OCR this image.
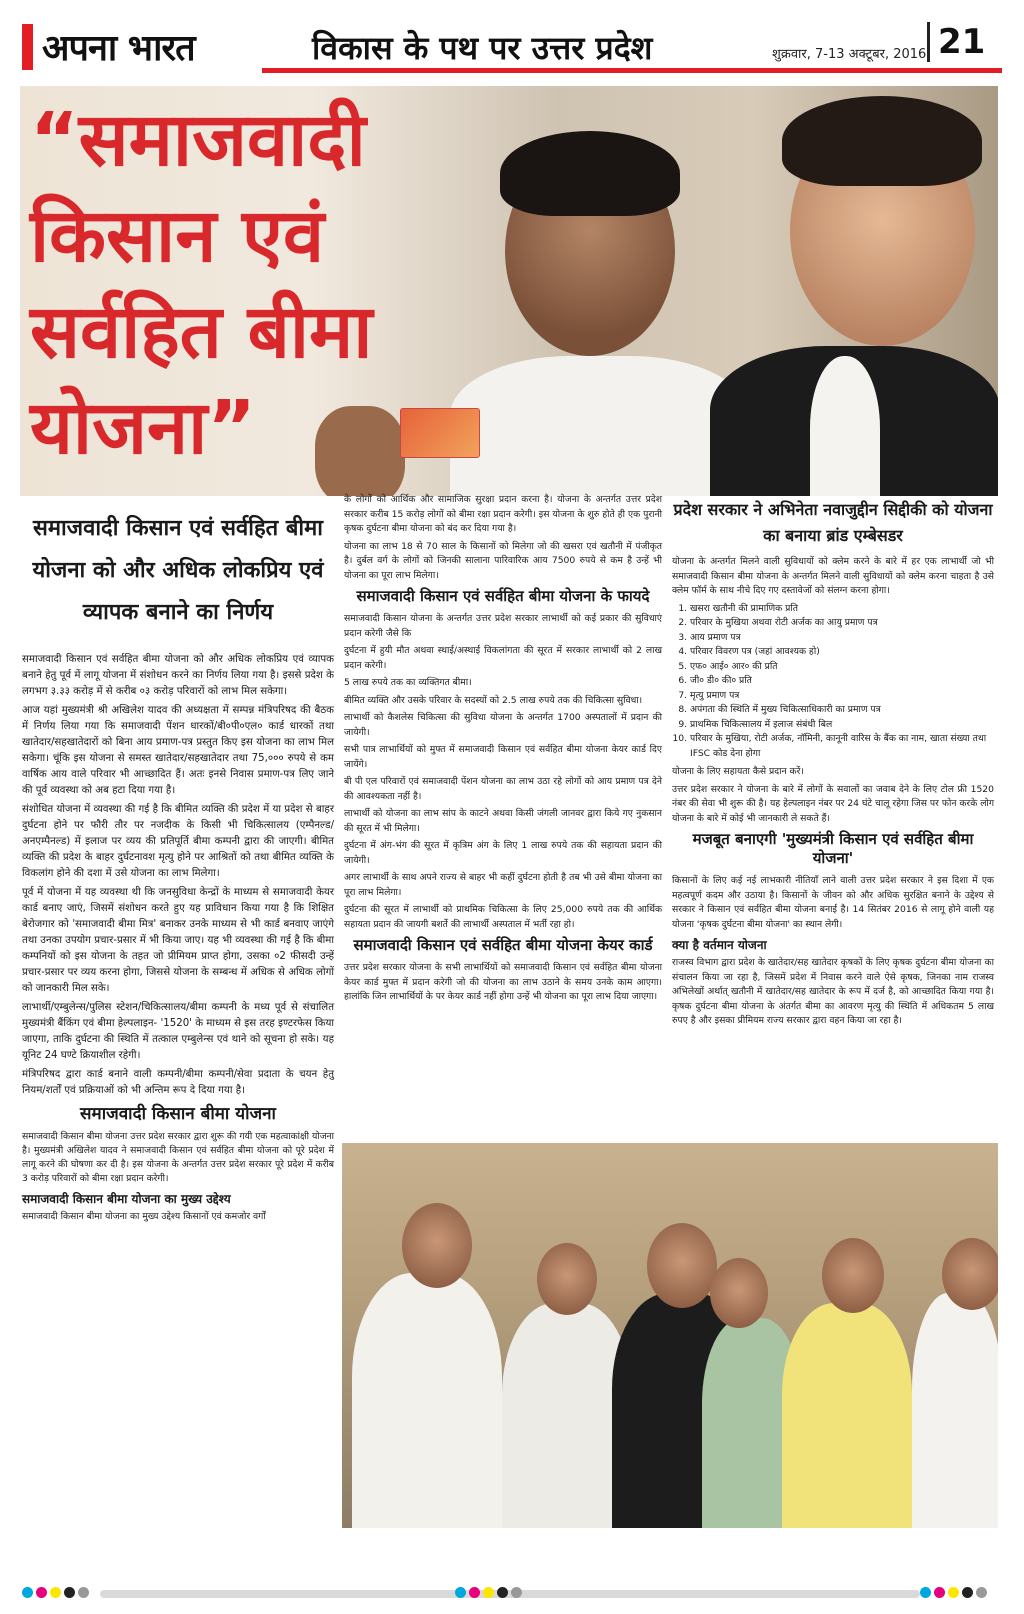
अपना भारत	विकास के पथ पर उत्तर प्रदेश	शुक्रवार, 7-13 अक्टूबर, 2016 21
“समाजवादी किसान एवं सर्वहित बीमा योजना”
समाजवादी किसान एवं सर्वहित बीमा योजना को और अधिक लोकप्रिय एवं व्यापक बनाने का निर्णय

समाजवादी किसान एवं सर्वहित बीमा योजना को और अधिक लोकप्रिय एवं व्यापक बनाने हेतु पूर्व में लागू योजना में संशोधन करने का निर्णय लिया गया है। इससे प्रदेश के लगभग ३.३३ करोड़ में से करीब ०३ करोड़ परिवारों को लाभ मिल सकेगा।

आज यहां मुख्यमंत्री श्री अखिलेश यादव की अध्यक्षता में सम्पन्न मंत्रिपरिषद की बैठक में निर्णय लिया गया कि समाजवादी पेंशन धारकों/बी०पी०एल० कार्ड धारकों तथा खातेदार/सहखातेदारों को बिना आय प्रमाण-पत्र प्रस्तुत किए इस योजना का लाभ मिल सकेगा। चूंकि इस योजना से समस्त खातेदार/सहखातेदार तथा 75,००० रुपये से कम वार्षिक आय वाले परिवार भी आच्छादित हैं। अतः इनसे निवास प्रमाण-पत्र लिए जाने की पूर्व व्यवस्था को अब हटा दिया गया है।

संशोधित योजना में व्यवस्था की गई है कि बीमित व्यक्ति की प्रदेश में या प्रदेश से बाहर दुर्घटना होने पर फौरी तौर पर नजदीक के किसी भी चिकित्सालय (एम्पैनल्ड/अनएम्पैनल्ड) में इलाज पर व्यय की प्रतिपूर्ति बीमा कम्पनी द्वारा की जाएगी। बीमित व्यक्ति की प्रदेश के बाहर दुर्घटनावश मृत्यु होने पर आश्रितों को तथा बीमित व्यक्ति के विकलांग होने की दशा में उसे योजना का लाभ मिलेगा।

पूर्व में योजना में यह व्यवस्था थी कि जनसुविधा केन्द्रों के माध्यम से समाजवादी केयर कार्ड बनाए जाएं, जिसमें संशोधन करते हुए यह प्राविधान किया गया है कि शिक्षित बेरोजगार को 'समाजवादी बीमा मित्र' बनाकर उनके माध्यम से भी कार्ड बनवाए जाएंगे तथा उनका उपयोग प्रचार-प्रसार में भी किया जाए। यह भी व्यवस्था की गई है कि बीमा कम्पनियों को इस योजना के तहत जो प्रीमियम प्राप्त होगा, उसका ०2 फीसदी उन्हें प्रचार-प्रसार पर व्यय करना होगा, जिससे योजना के सम्बन्ध में अधिक से अधिक लोगों को जानकारी मिल सके।

लाभार्थी/एम्बुलेन्स/पुलिस स्टेशन/चिकित्सालय/बीमा कम्पनी के मध्य पूर्व से संचालित मुख्यमंत्री बैंकिंग एवं बीमा हेल्पलाइन- '1520' के माध्यम से इस तरह इण्टरफेस किया जाएगा, ताकि दुर्घटना की स्थिति में तत्काल एम्बुलेन्स एवं थाने को सूचना हो सके। यह यूनिट 24 घण्टे क्रियाशील रहेगी।

मंत्रिपरिषद द्वारा कार्ड बनाने वाली कम्पनी/बीमा कम्पनी/सेवा प्रदाता के चयन हेतु नियम/शर्तों एवं प्रक्रियाओं को भी अन्तिम रूप दे दिया गया है।

समाजवादी किसान बीमा योजना

समाजवादी किसान बीमा योजना उत्तर प्रदेश सरकार द्वारा शुरू की गयी एक महत्वाकांक्षी योजना है। मुख्यमंत्री अखिलेश यादव ने समाजवादी किसान एवं सर्वहित बीमा योजना को पूरे प्रदेश में लागू करने की घोषणा कर दी है। इस योजना के अन्तर्गत उत्तर प्रदेश सरकार पूरे प्रदेश में करीब 3 करोड़ परिवारों को बीमा रक्षा प्रदान करेगी।

समाजवादी किसान बीमा योजना का मुख्य उद्देश्य

समाजवादी किसान बीमा योजना का मुख्य उद्देश्य किसानों एवं कमजोर वर्गों

के लोगों को आर्थिक और सामाजिक सुरक्षा प्रदान करना है। योजना के अन्तर्गत उत्तर प्रदेश सरकार करीब 15 करोड़ लोगों को बीमा रक्षा प्रदान करेगी। इस योजना के शुरु होते ही एक पुरानी कृषक दुर्घटना बीमा योजना को बंद कर दिया गया है।

योजना का लाभ 18 से 70 साल के किसानों को मिलेगा जो की खसरा एवं खतौनी में पंजीकृत है। दुर्बल वर्ग के लोगों को जिनकी सालाना पारिवारिक आय 7500 रुपये से कम है उन्हें भी योजना का पूरा लाभ मिलेगा।

समाजवादी किसान एवं सर्वहित बीमा योजना के फायदे

समाजवादी किसान योजना के अन्तर्गत उत्तर प्रदेश सरकार लाभार्थी को कई प्रकार की सुविधाएं प्रदान करेगी जैसे कि

दुर्घटना में हुयी मौत अथवा स्थाई/अस्थाई विकलांगता की सूरत में सरकार लाभार्थी को 2 लाख प्रदान करेगी।

5 लाख रुपये तक का व्यक्तिगत बीमा।

बीमित व्यक्ति और उसके परिवार के सदस्यों को 2.5 लाख रुपये तक की चिकित्सा सुविधा।

लाभार्थी को कैशलेस चिकित्सा की सुविधा योजना के अन्तर्गत 1700 अस्पतालों में प्रदान की जायेगी।

सभी पात्र लाभार्थियों को मुफ्त में समाजवादी किसान एवं सर्वहित बीमा योजना केयर कार्ड दिए जायेंगे।

बी पी एल परिवारों एवं समाजवादी पेंशन योजना का लाभ उठा रहे लोगों को आय प्रमाण पत्र देने की आवश्यकता नहीं है।

लाभार्थी को योजना का लाभ सांप के काटने अथवा किसी जंगली जानवर द्वारा किये गए नुकसान की सूरत में भी मिलेगा।

दुर्घटना में अंग-भंग की सूरत में कृत्रिम अंग के लिए 1 लाख रुपये तक की सहायता प्रदान की जायेगी।

अगर लाभार्थी के साथ अपने राज्य से बाहर भी कहीं दुर्घटना होती है तब भी उसे बीमा योजना का पूरा लाभ मिलेगा।

दुर्घटना की सूरत में लाभार्थी को प्राथमिक चिकित्सा के लिए 25,000 रुपये तक की आर्थिक सहायता प्रदान की जायगी बशर्ते की लाभार्थी अस्पताल में भर्ती रहा हो।

समाजवादी किसान एवं सर्वहित बीमा योजना केयर कार्ड

उत्तर प्रदेश सरकार योजना के सभी लाभार्थियों को समाजवादी किसान एवं सर्वहित बीमा योजना केयर कार्ड मुफ्त में प्रदान करेगी जो की योजना का लाभ उठाने के समय उनके काम आएगा। हालांकि जिन लाभार्थियों के पर केयर कार्ड नहीं होगा उन्हें भी योजना का पूरा लाभ दिया जाएगा।

प्रदेश सरकार ने अभिनेता नवाजुद्दीन सिद्दीकी को योजना का बनाया ब्रांड एम्बेसडर

योजना के अन्तर्गत मिलने वाली सुविधायों को क्लेम करने के बारे में हर एक लाभार्थी जो भी समाजवादी किसान बीमा योजना के अन्तर्गत मिलने वाली सुविधायों को क्लेम करना चाहता है उसे क्लेम फॉर्म के साथ नीचे दिए गए दस्तावेजों को संलग्न करना होगा।

1. खसरा खतौनी की प्रामाणिक प्रति
2. परिवार के मुखिया अथवा रोटी अर्जक का आयु प्रमाण पत्र
3. आय प्रमाण पत्र
4. परिवार विवरण पत्र (जहां आवश्यक हो)
5. एफ० आई० आर० की प्रति
6. जी० डी० की० प्रति
7. मृत्यु प्रमाण पत्र
8. अपंगता की स्थिति में मुख्य चिकित्साधिकारी का प्रमाण पत्र
9. प्राथमिक चिकित्सालय में इलाज संबंधी बिल
10. परिवार के मुखिया, रोटी अर्जक, नॉमिनी, कानूनी वारिस के बैंक का नाम, खाता संख्या तथा IFSC कोड देना होगा

योजना के लिए सहायता कैसे प्रदान करें।

उत्तर प्रदेश सरकार ने योजना के बारे में लोगों के सवालों का जवाब देने के लिए टोल फ्री 1520 नंबर की सेवा भी शुरू की है। यह हेल्पलाइन नंबर पर 24 घंटे चालू रहेगा जिस पर फोन करके लोग योजना के बारे में कोई भी जानकारी ले सकते हैं।

मजबूत बनाएगी 'मुख्यमंत्री किसान एवं सर्वहित बीमा योजना'

किसानों के लिए कई नई लाभकारी नीतियाँ लाने वाली उत्तर प्रदेश सरकार ने इस दिशा में एक महत्वपूर्ण कदम और उठाया है। किसानों के जीवन को और अधिक सुरक्षित बनाने के उद्देश्य से सरकार ने किसान एवं सर्वहित बीमा योजना बनाई है। 14 सितंबर 2016 से लागू होने वाली यह योजना 'कृषक दुर्घटना बीमा योजना' का स्थान लेगी।

क्या है वर्तमान योजना

राजस्व विभाग द्वारा प्रदेश के खातेदार/सह खातेदार कृषकों के लिए कृषक दुर्घटना बीमा योजना का संचालन किया जा रहा है, जिसमें प्रदेश में निवास करने वाले ऐसे कृषक, जिनका नाम राजस्व अभिलेखों अर्थात् खतौनी में खातेदार/सह खातेदार के रूप में दर्ज है, को आच्छादित किया गया है। कृषक दुर्घटना बीमा योजना के अंतर्गत बीमा का आवरण मृत्यु की स्थिति में अधिकतम 5 लाख रुपए है और इसका प्रीमियम राज्य सरकार द्वारा वहन किया जा रहा है।
